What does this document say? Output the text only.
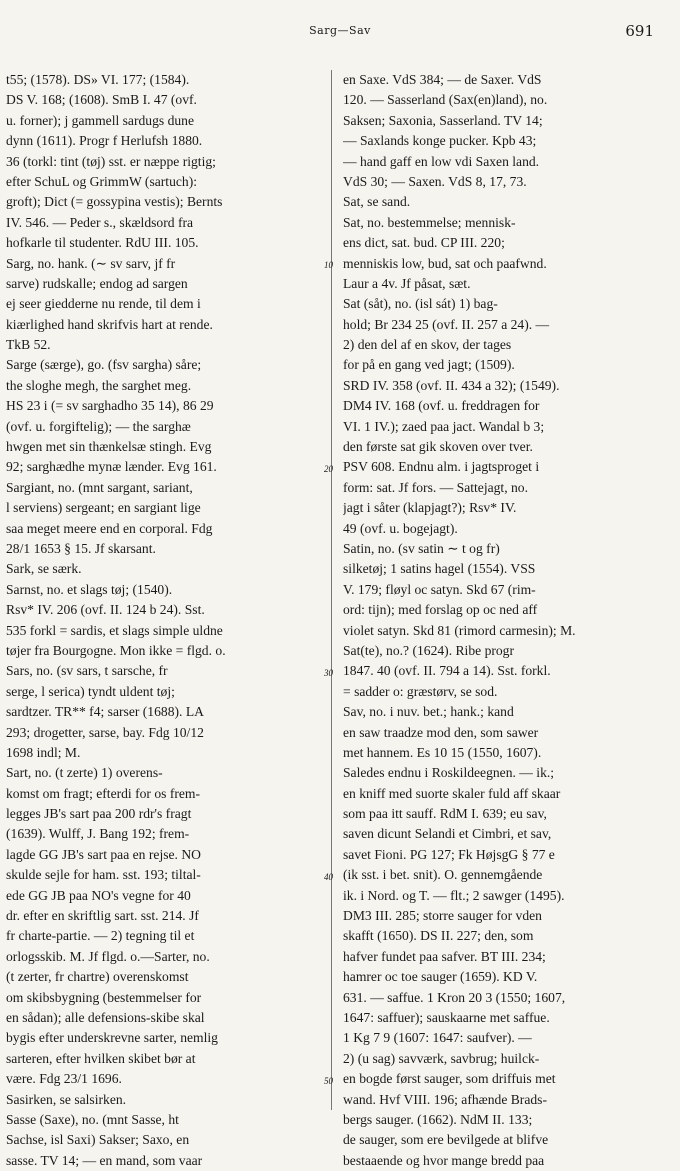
Sarg—Sav	691
t55; (1578). DS» VI. 177; (1584).
DS V. 168; (1608). SmB I. 47 (ovf.
u. forner); j gammell sardugs dune
dynn (1611). Progr f Herlufsh 1880.
36 (torkl: tint (tøj) sst. er næppe rigtig;
efter SchuL og GrimmW (sartuch):
groft); Dict (= gossypina vestis); Bernts
IV. 546. — Peder s., skældsord fra
hofkarle til studenter. RdU III. 105.
Sarg, no. hank. (∼ sv sarv, jf fr
sarve) rudskalle; endog ad sargen
ej seer giedderne nu rende, til dem i
kiærlighed hand skrifvis hart at rende.
TkB 52.
Sarge (særge), go. (fsv sargha) såre;
the sloghe megh, the sarghet meg.
HS 23 i (= sv sarghadho 35 14), 86 29
(ovf. u. forgiftelig); — the sarghæ
hwgen met sin thænkelsæ stingh. Evg
92; sarghædhe mynæ lænder. Evg 161.
Sargiant, no. (mnt sargant, sariant,
l serviens) sergeant; en sargiant lige
saa meget meere end en corporal. Fdg
28/1 1653 § 15. Jf skarsant.
Sark, se særk.
Sarnst, no. et slags tøj; (1540).
Rsv* IV. 206 (ovf. II. 124 b 24). Sst.
535 forkl = sardis, et slags simple uldne
tøjer fra Bourgogne. Mon ikke = flgd. o.
Sars, no. (sv sars, t sarsche, fr
serge, l serica) tyndt uldent tøj;
sardtzer. TR** f4; sarser (1688). LA
293; drogetter, sarse, bay. Fdg 10/12
1698 indl; M.
Sart, no. (t zerte) 1) overens-
komst om fragt; efterdi for os frem-
legges JB's sart paa 200 rdr's fragt
(1639). Wulff, J. Bang 192; frem-
lagde GG JB's sart paa en rejse. NO
skulde sejle for ham. sst. 193; tiltal-
ede GG JB paa NO's vegne for 40
dr. efter en skriftlig sart. sst. 214. Jf
fr charte-partie. — 2) tegning til et
orlogsskib. M. Jf flgd. o.—Sarter, no.
(t zerter, fr chartre) overenskomst
om skibsbygning (bestemmelser for
en sådan); alle defensions-skibe skal
bygis efter underskrevne sarter, nemlig
sarteren, efter hvilken skibet bør at
være. Fdg 23/1 1696.
Sasirken, se salsirken.
Sasse (Saxe), no. (mnt Sasse, ht
Sachse, isl Saxi) Sakser; Saxo, en
sasse. TV 14; — en mand, som vaar
10
20
30
40
50
en Saxe. VdS 384; — de Saxer. VdS
120. — Sasserland (Sax(en)land), no.
Saksen; Saxonia, Sasserland. TV 14;
— Saxlands konge pucker. Kpb 43;
— hand gaff en low vdi Saxen land.
VdS 30; — Saxen. VdS 8, 17, 73.
Sat, se sand.
Sat, no. bestemmelse; mennisk-
ens dict, sat. bud. CP III. 220;
menniskis low, bud, sat och paafwnd.
Laur a 4v. Jf påsat, sæt.
Sat (såt), no. (isl sát) 1) bag-
hold; Br 234 25 (ovf. II. 257 a 24). —
2) den del af en skov, der tages
for på en gang ved jagt; (1509).
SRD IV. 358 (ovf. II. 434 a 32); (1549).
DM4 IV. 168 (ovf. u. freddragen for
VI. 1 IV.); zaed paa jact. Wandal b 3;
den første sat gik skoven over tver.
PSV 608. Endnu alm. i jagtsproget i
form: sat. Jf fors. — Sattejagt, no.
jagt i såter (klapjagt?); Rsv* IV.
49 (ovf. u. bogejagt).
Satin, no. (sv satin ∼ t og fr)
silketøj; 1 satins hagel (1554). VSS
V. 179; fløyl oc satyn. Skd 67 (rim-
ord: tijn); med forslag op oc ned aff
violet satyn. Skd 81 (rimord carmesin); M.
Sat(te), no.? (1624). Ribe progr
1847. 40 (ovf. II. 794 a 14). Sst. forkl.
= sadder o: græstørv, se sod.
Sav, no. i nuv. bet.; hank.; kand
en saw traadze mod den, som sawer
met hannem. Es 10 15 (1550, 1607).
Saledes endnu i Roskildeegnen. — ik.;
en kniff med suorte skaler fuld aff skaar
som paa itt sauff. RdM I. 639; eu sav,
saven dicunt Selandi et Cimbri, et sav,
savet Fioni. PG 127; Fk HøjsgG § 77 e
(ik sst. i bet. snit). O. gennemgående
ik. i Nord. og T. — flt.; 2 sawger (1495).
DM3 III. 285; storre sauger for vden
skafft (1650). DS II. 227; den, som
hafver fundet paa safver. BT III. 234;
hamrer oc toe sauger (1659). KD V.
631. — saffue. 1 Kron 20 3 (1550; 1607,
1647: saffuer); sauskaarne met saffue.
1 Kg 7 9 (1607: 1647: saufver). —
2) (u sag) savværk, savbrug; huilck-
en bogde først sauger, som driffuis met
wand. Hvf VIII. 196; afhænde Brads-
bergs sauger. (1662). NdM II. 133;
de sauger, som ere bevilgede at blifve
bestaaende og hvor mange bredd paa
